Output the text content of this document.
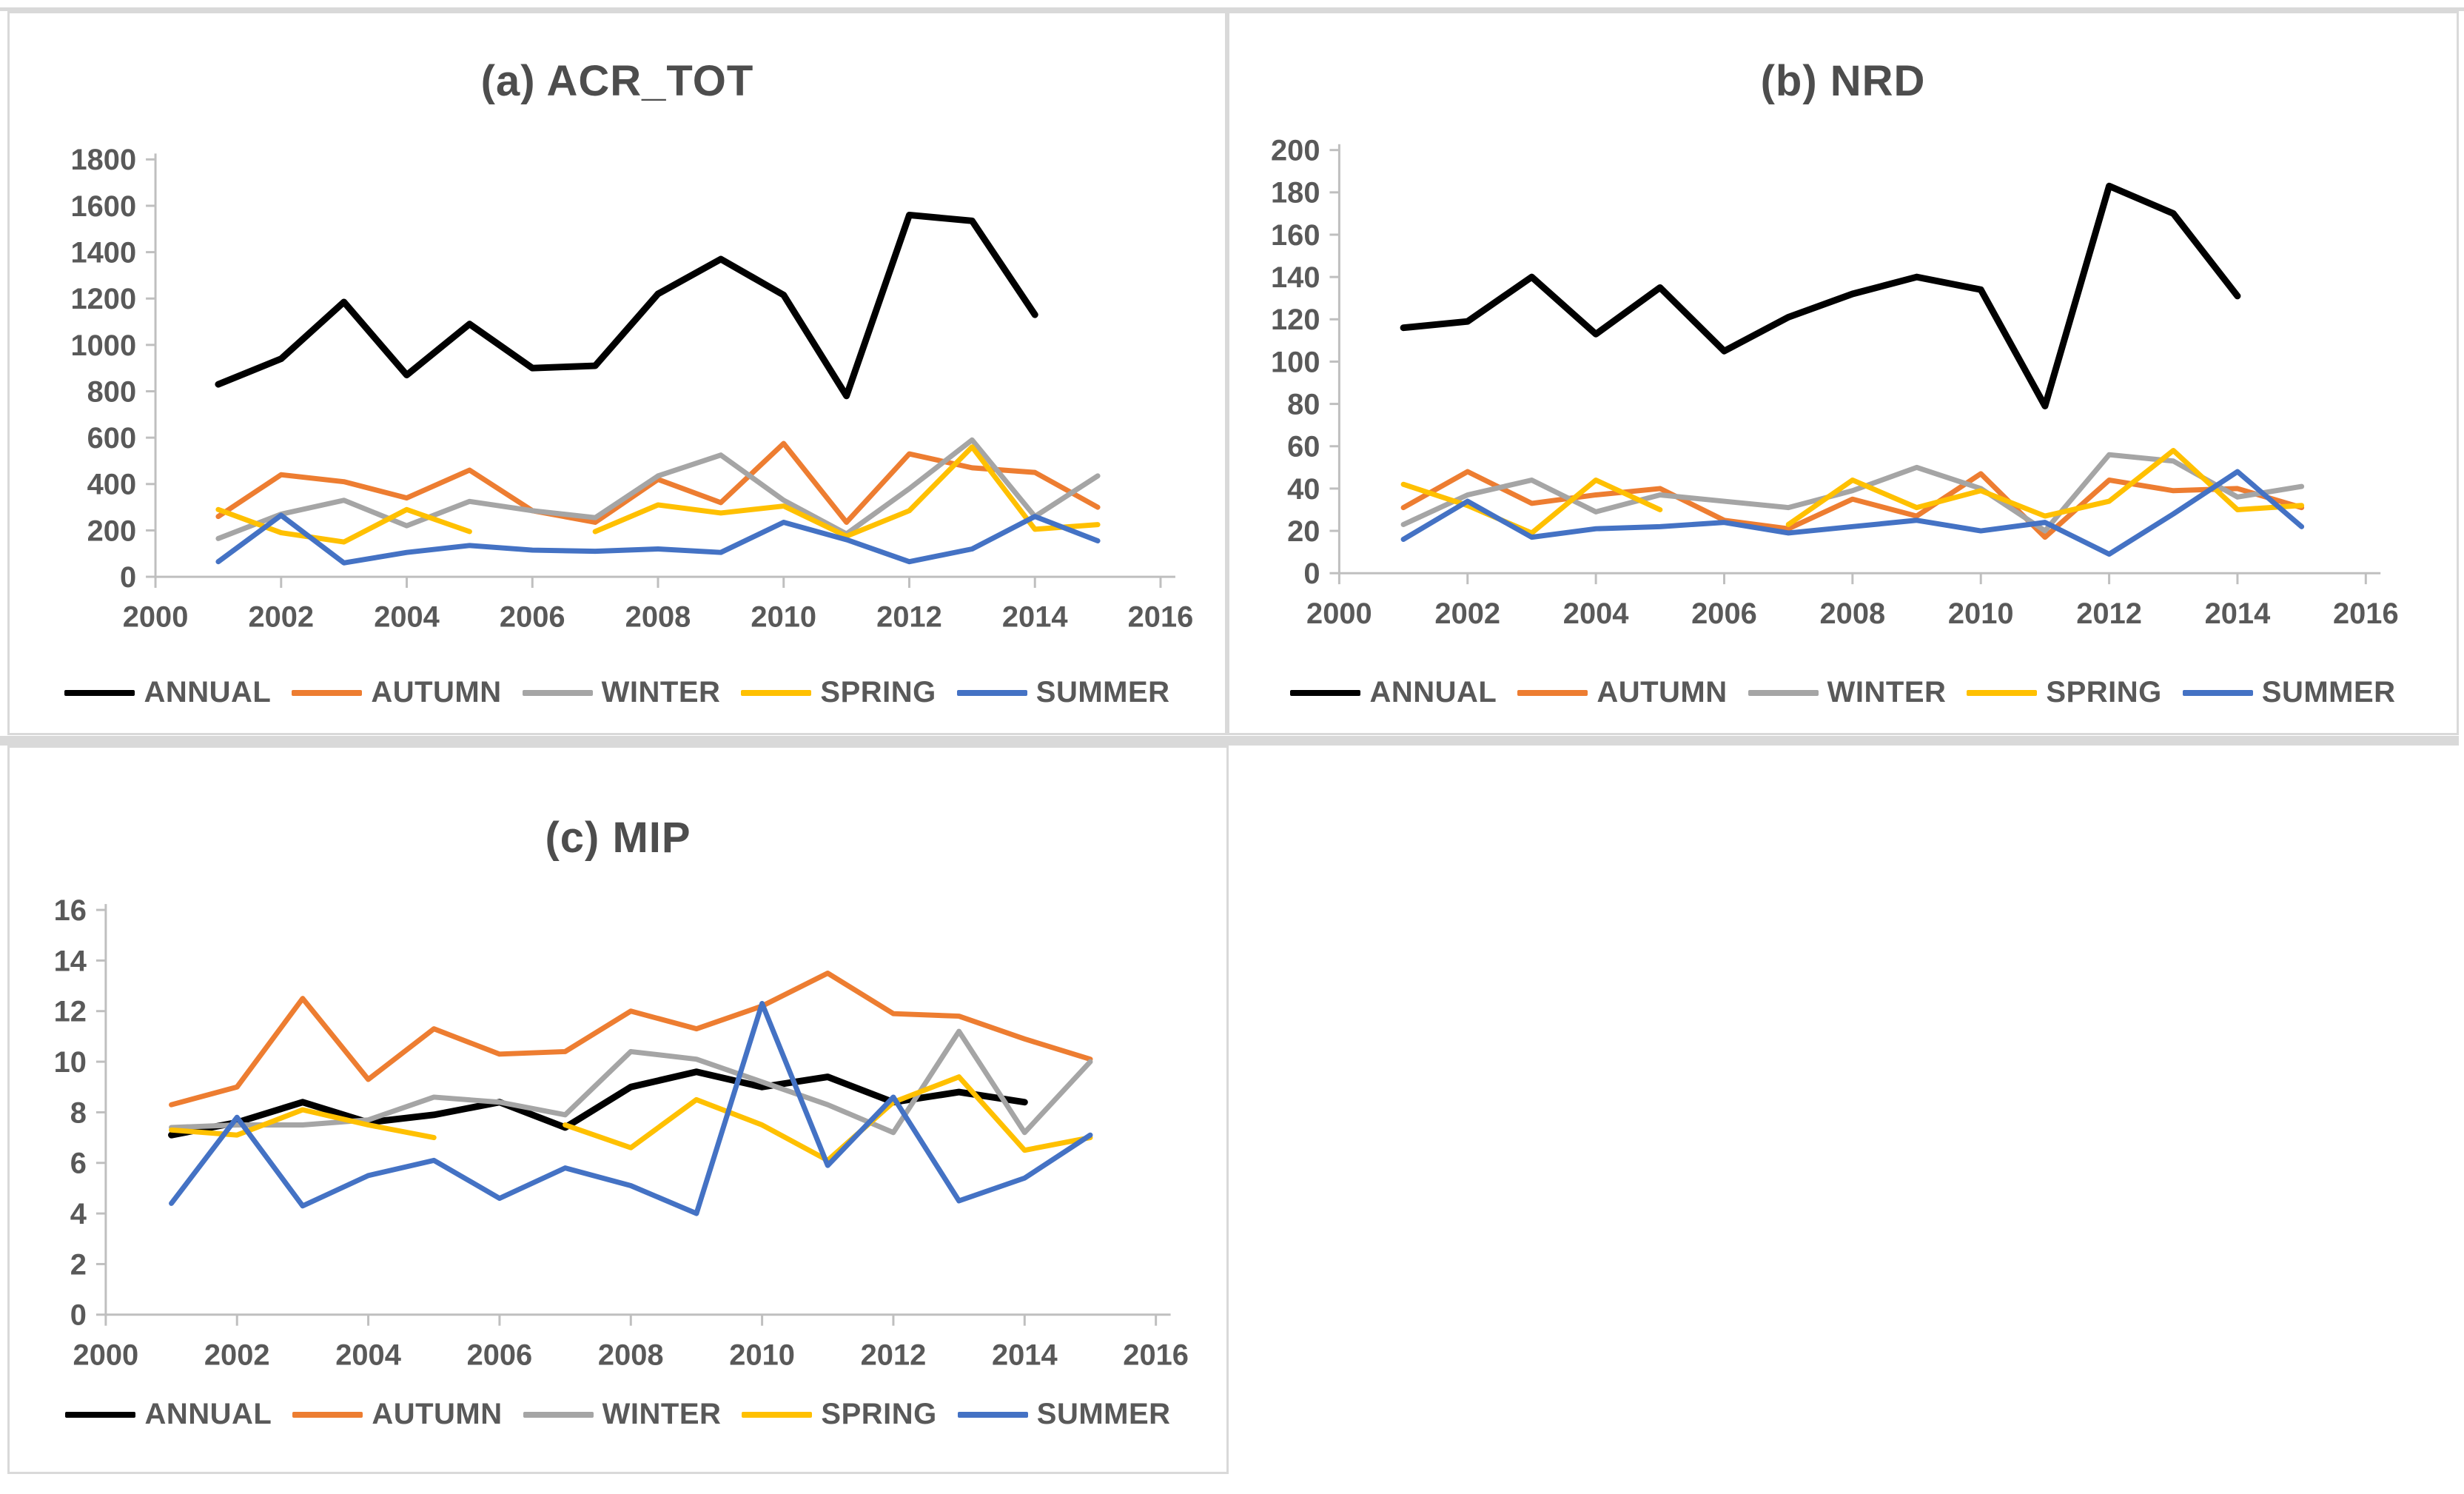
(a) ACR_TOT
0
200
400
600
800
1000
1200
1400
1600
1800
2000 2002 2004 2006 2008 2010 2012 2014 2016
ANNUAL	AUTUMN	WINTER	SPRING	SUMMER
(b) NRD
0
20
40
60
80
100
120
140
160
180
200
2000 2002 2004 2006 2008 2010 2012 2014 2016
ANNUAL	AUTUMN	WINTER	SPRING	SUMMER
(c) MIP
0
2
4
6
8
10
12
14
16
2000 2002 2004 2006 2008 2010 2012 2014 2016
ANNUAL	AUTUMN	WINTER	SPRING	SUMMER
